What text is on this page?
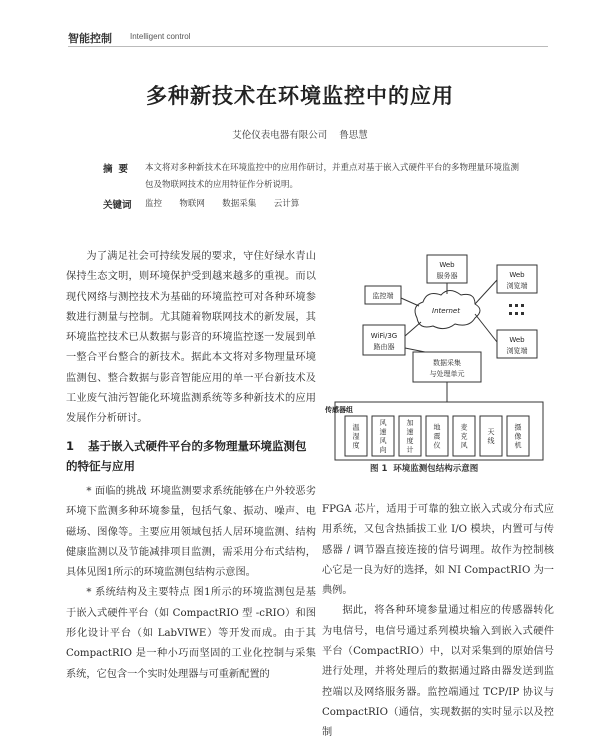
智能控制 Intelligent control
多种新技术在环境监控中的应用
艾伦仪表电器有限公司    鲁思慧
摘要 本文将对多种新技术在环境监控中的应用作研讨，并重点对基于嵌入式硬件平台的多物理量环境监测包及物联网技术的应用特征作分析说明。
关键词 监控  物联网  数据采集  云计算

为了满足社会可持续发展的要求，守住好绿水青山保持生态文明，则环境保护受到越来越多的重视。而以现代网络与测控技术为基础的环境监控可对各种环境参数进行测量与控制。尤其随着物联网技术的新发展，其环境监控技术已从数据与影音的环境监控逐一发展到单一整合平台整合的新技术。据此本文将对多物理量环境监测包、整合数据与影音智能应用的单一平台新技术及工业废气油污智能化环境监测系统等多种新技术的应用发展作分析研讨。

1 基于嵌入式硬件平台的多物理量环境监测包的特征与应用

* 面临的挑战 环境监测要求系统能够在户外较恶劣环境下监测多种环境参量，包括气象、振动、噪声、电磁场、图像等。主要应用领域包括人居环境监测、结构健康监测以及节能减排项目监测，需采用分布式结构，具体见图1所示的环境监测包结构示意图。

* 系统结构及主要特点 图1所示的环境监测包是基于嵌入式硬件平台（如 CompactRIO 型 -cRIO）和图形化设计平台（如 LabVIWE）等开发而成。由于其 CompactRIO 是一种小巧而坚固的工业化控制与采集系统，它包含一个实时处理器与可重新配置的

FPGA 芯片，适用于可靠的独立嵌入式或分布式应用系统，又包含热插拔工业 I/O 模块，内置可与传感器 / 调节器直接连接的信号调理。故作为控制核心它是一良为好的选择，如 NI CompactRIO 为一典例。

据此，将各种环境参量通过相应的传感器转化为电信号，电信号通过系列模块输入到嵌入式硬件平台（CompactRIO）中，以对采集到的原始信号进行处理，并将处理后的数据通过路由器发送到监控端以及网络服务器。监控端通过 TCP/IP 协议与 CompactRIO（通信，实现数据的实时显示以及控制

Web
服务器	Web
浏览端
Web
浏览端
监控端
Internet
WiFi/3G
路由器
数据采集
与处理单元
传感器组
温湿度
风速风向
加速度计
地震仪
麦克风
天线
摄像机
图 1  环境监测包结构示意图
